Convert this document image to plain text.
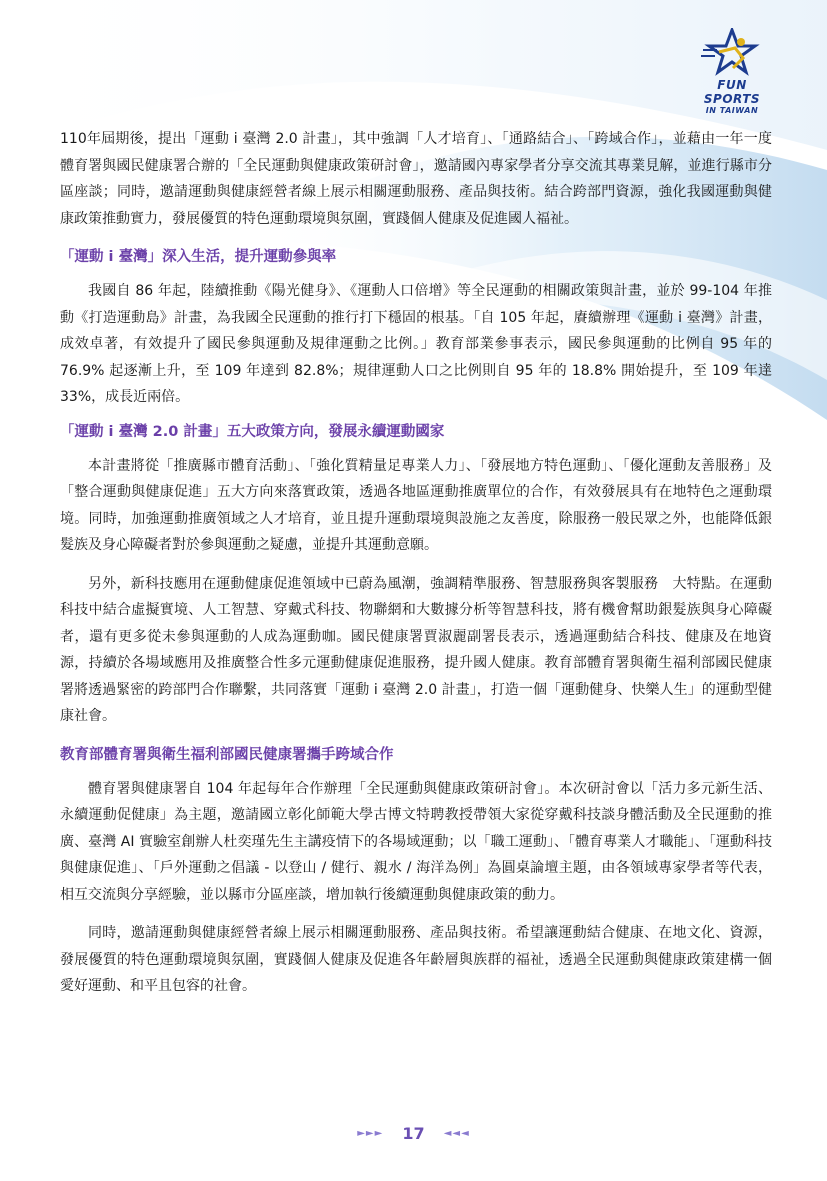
FUN SPORTS
IN TAIWAN

110年屆期後，提出「運動 i 臺灣 2.0 計畫」，其中強調「人才培育」、「通路結合」、「跨域合作」，並藉由一年一度體育署與國民健康署合辦的「全民運動與健康政策研討會」，邀請國內專家學者分享交流其專業見解，並進行縣市分區座談；同時，邀請運動與健康經營者線上展示相關運動服務、產品與技術。結合跨部門資源，強化我國運動與健康政策推動實力，發展優質的特色運動環境與氛圍，實踐個人健康及促進國人福祉。

「運動 i 臺灣」深入生活，提升運動參與率

我國自 86 年起，陸續推動《陽光健身》、《運動人口倍增》等全民運動的相關政策與計畫，並於 99-104 年推動《打造運動島》計畫，為我國全民運動的推行打下穩固的根基。「自 105 年起，賡續辦理《運動 i 臺灣》計畫，成效卓著，有效提升了國民參與運動及規律運動之比例。」教育部業參事表示，國民參與運動的比例自 95 年的 76.9% 起逐漸上升，至 109 年達到 82.8%；規律運動人口之比例則自 95 年的 18.8% 開始提升，至 109 年達 33%，成長近兩倍。

「運動 i 臺灣 2.0 計畫」五大政策方向，發展永續運動國家

本計畫將從「推廣縣市體育活動」、「強化質精量足專業人力」、「發展地方特色運動」、「優化運動友善服務」及「整合運動與健康促進」五大方向來落實政策，透過各地區運動推廣單位的合作，有效發展具有在地特色之運動環境。同時，加強運動推廣領域之人才培育，並且提升運動環境與設施之友善度，除服務一般民眾之外，也能降低銀髮族及身心障礙者對於參與運動之疑慮，並提升其運動意願。

另外，新科技應用在運動健康促進領域中已蔚為風潮，強調精準服務、智慧服務與客製服務　大特點。在運動科技中結合虛擬實境、人工智慧、穿戴式科技、物聯網和大數據分析等智慧科技，將有機會幫助銀髮族與身心障礙者，還有更多從未參與運動的人成為運動咖。國民健康署賈淑麗副署長表示，透過運動結合科技、健康及在地資源，持續於各場域應用及推廣整合性多元運動健康促進服務，提升國人健康。教育部體育署與衛生福利部國民健康署將透過緊密的跨部門合作聯繫，共同落實「運動 i 臺灣 2.0 計畫」，打造一個「運動健身、快樂人生」的運動型健康社會。

教育部體育署與衛生福利部國民健康署攜手跨域合作

體育署與健康署自 104 年起每年合作辦理「全民運動與健康政策研討會」。本次研討會以「活力多元新生活、永續運動促健康」為主題，邀請國立彰化師範大學古博文特聘教授帶領大家從穿戴科技談身體活動及全民運動的推廣、臺灣 AI 實驗室創辦人杜奕瑾先生主講疫情下的各場域運動；以「職工運動」、「體育專業人才職能」、「運動科技與健康促進」、「戶外運動之倡議 - 以登山 / 健行、親水 / 海洋為例」為圓桌論壇主題，由各領域專家學者等代表，相互交流與分享經驗，並以縣市分區座談，增加執行後續運動與健康政策的動力。

同時，邀請運動與健康經營者線上展示相關運動服務、產品與技術。希望讓運動結合健康、在地文化、資源，發展優質的特色運動環境與氛圍，實踐個人健康及促進各年齡層與族群的福祉，透過全民運動與健康政策建構一個愛好運動、和平且包容的社會。

►►► 17 ◄◄◄
